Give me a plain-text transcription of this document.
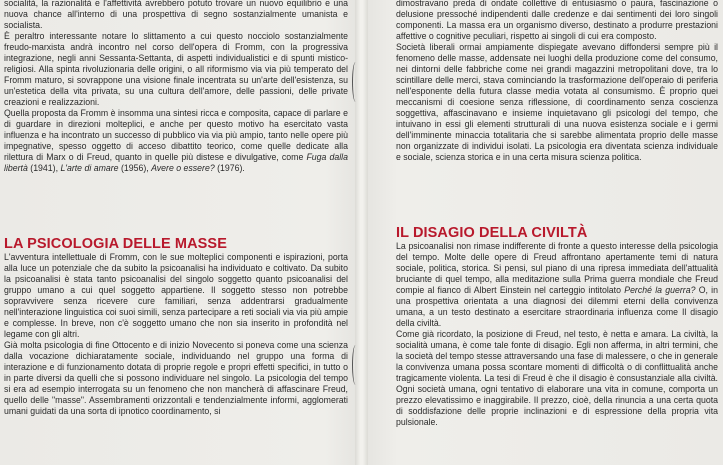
socialità, la razionalità e l'affettività avrebbero potuto trovare un nuovo equilibrio e una nuova chance all'interno di una prospettiva di segno sostanzialmente umanista e socialista.

È peraltro interessante notare lo slittamento a cui questo nocciolo sostanzialmente freudo-marxista andrà incontro nel corso dell'opera di Fromm, con la progressiva integrazione, negli anni Sessanta-Settanta, di aspetti individualistici e di spunti mistico-religiosi. Alla spinta rivoluzionaria delle origini, o all riformismo via via più temperato del Fromm maturo, si sovrappone una visione finale incentrata su un'arte dell'esistenza, su un'estetica della vita privata, su una cultura dell'amore, delle passioni, delle private creazioni e realizzazioni.

Quella proposta da Fromm è insomma una sintesi ricca e composita, capace di parlare e di guardare in direzioni molteplici, e anche per questo motivo ha esercitato vasta influenza e ha incontrato un successo di pubblico via via più ampio, tanto nelle opere più impegnative, spesso oggetto di acceso dibattito teorico, come quelle dedicate alla rilettura di Marx o di Freud, quanto in quelle più distese e divulgative, come Fuga dalla libertà (1941), L'arte di amare (1956), Avere o essere? (1976).

LA PSICOLOGIA DELLE MASSE

L'avventura intellettuale di Fromm, con le sue molteplici componenti e ispirazioni, porta alla luce un potenziale che da subito la psicoanalisi ha individuato e coltivato. Da subito la psicoanalisi è stata tanto psicoanalisi del singolo soggetto quanto psicoanalisi del gruppo umano a cui quel soggetto appartiene. Il soggetto stesso non potrebbe sopravvivere senza ricevere cure familiari, senza addentrarsi gradualmente nell'interazione linguistica coi suoi simili, senza partecipare a reti sociali via via più ampie e complesse. In breve, non c'è soggetto umano che non sia inserito in profondità nel legame con gli altri.

Già molta psicologia di fine Ottocento e di inizio Novecento si poneva come una scienza dalla vocazione dichiaratamente sociale, individuando nel gruppo una forma di interazione e di funzionamento dotata di proprie regole e propri effetti specifici, in tutto o in parte diversi da quelli che si possono individuare nel singolo. La psicologia del tempo si era ad esempio interrogata su un fenomeno che non mancherà di affascinare Freud, quello delle "masse". Assembramenti orizzontali e tendenzialmente informi, agglomerati umani guidati da una sorta di ipnotico coordinamento, si

dimostravano preda di ondate collettive di entusiasmo o paura, fascinazione o delusione pressoché indipendenti dalle credenze e dai sentimenti dei loro singoli componenti. La massa era un organismo diverso, destinato a produrre prestazioni affettive o cognitive peculiari, rispetto ai singoli di cui era composto.

Società liberali ormai ampiamente dispiegate avevano diffondersi sempre più il fenomeno delle masse, addensate nei luoghi della produzione come del consumo, nei dintorni delle fabbriche come nei grandi magazzini metropolitani dove, tra lo scintillare delle merci, stava cominciando la trasformazione dell'operaio di periferia nell'esponente della futura classe media votata al consumismo. È proprio quei meccanismi di coesione senza riflessione, di coordinamento senza coscienza soggettiva, affascinavano e insieme inquietavano gli psicologi del tempo, che intuivano in essi gli elementi strutturali di una nuova esistenza sociale e i germi dell'imminente minaccia totalitaria che si sarebbe alimentata proprio delle masse non organizzate di individui isolati. La psicologia era diventata scienza individuale e sociale, scienza storica e in una certa misura scienza politica.

IL DISAGIO DELLA CIVILTÀ

La psicoanalisi non rimase indifferente di fronte a questo interesse della psicologia del tempo. Molte delle opere di Freud affrontano apertamente temi di natura sociale, politica, storica. Si pensi, sul piano di una ripresa immediata dell'attualità bruciante di quel tempo, alla meditazione sulla Prima guerra mondiale che Freud compie al fianco di Albert Einstein nel carteggio intitolato Perché la guerra? O, in una prospettiva orientata a una diagnosi dei dilemmi eterni della convivenza umana, a un testo destinato a esercitare straordinaria influenza come Il disagio della civiltà.

Come già ricordato, la posizione di Freud, nel testo, è netta e amara. La civiltà, la socialità umana, è come tale fonte di disagio. Egli non afferma, in altri termini, che la società del tempo stesse attraversando una fase di malessere, o che in generale la convivenza umana possa scontare momenti di difficoltà o di conflittualità anche tragicamente violenta. La tesi di Freud è che il disagio è consustanziale alla civiltà. Ogni società umana, ogni tentativo di elaborare una vita in comune, comporta un prezzo elevatissimo e inaggirabile. Il prezzo, cioè, della rinuncia a una certa quota di soddisfazione delle proprie inclinazioni e di espressione della propria vita pulsionale.
